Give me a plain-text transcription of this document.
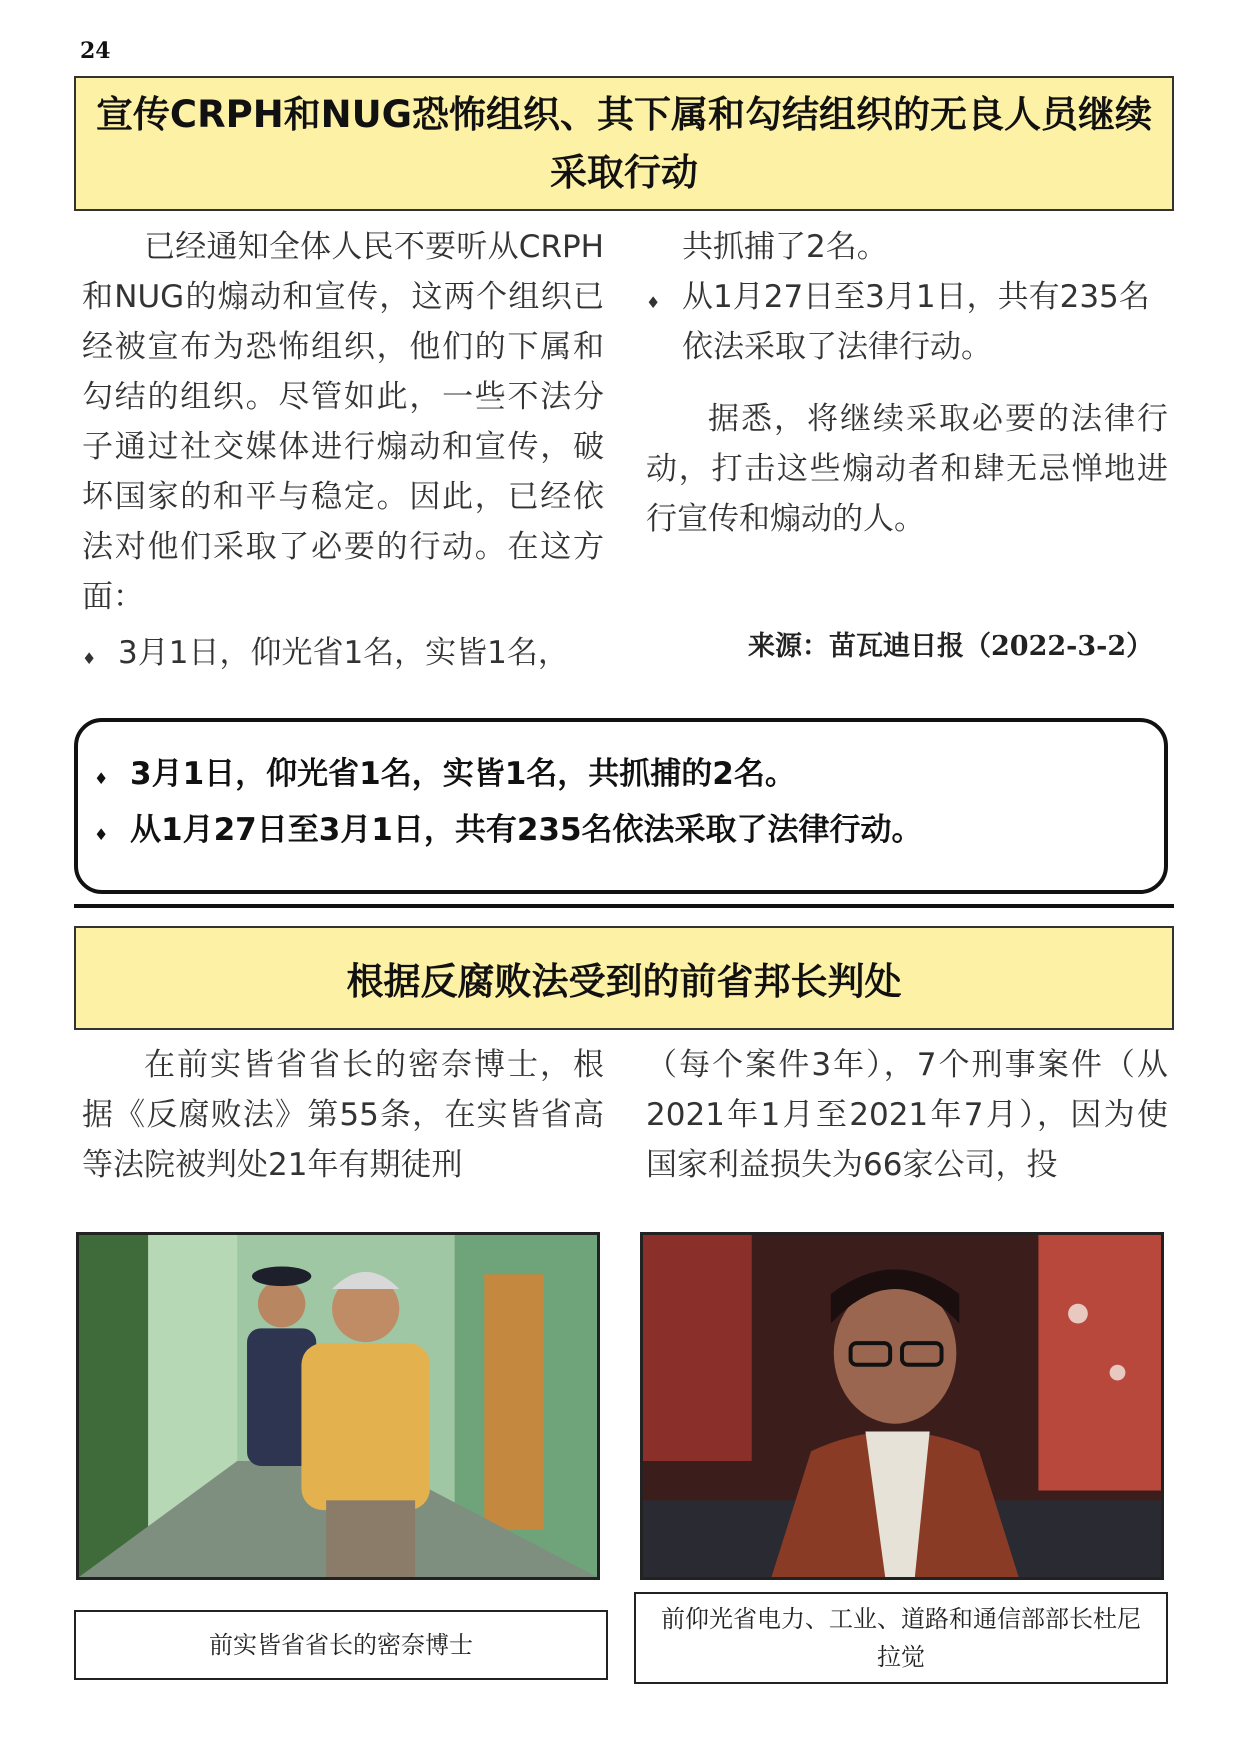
24
宣传CRPH和NUG恐怖组织、其下属和勾结组织的无良人员继续采取行动

已经通知全体人民不要听从CRPH和NUG的煽动和宣传，这两个组织已经被宣布为恐怖组织，他们的下属和勾结的组织。尽管如此，一些不法分子通过社交媒体进行煽动和宣传，破坏国家的和平与稳定。因此，已经依法对他们采取了必要的行动。在这方面：

♦ 3月1日，仰光省1名，实皆1名，
共抓捕了2名。
♦ 从1月27日至3月1日，共有235名依法采取了法律行动。

据悉，将继续采取必要的法律行动，打击这些煽动者和肆无忌惮地进行宣传和煽动的人。

来源：苗瓦迪日报（2022-3-2）
♦ 3月1日，仰光省1名，实皆1名，共抓捕的2名。
♦ 从1月27日至3月1日，共有235名依法采取了法律行动。
根据反腐败法受到的前省邦长判处

在前实皆省省长的密奈博士，根据《反腐败法》第55条，在实皆省高等法院被判处21年有期徒刑

（每个案件3年），7个刑事案件（从2021年1月至2021年7月），因为使国家利益损失为66家公司，投

前实皆省省长的密奈博士
前仰光省电力、工业、道路和通信部部长杜尼拉觉
